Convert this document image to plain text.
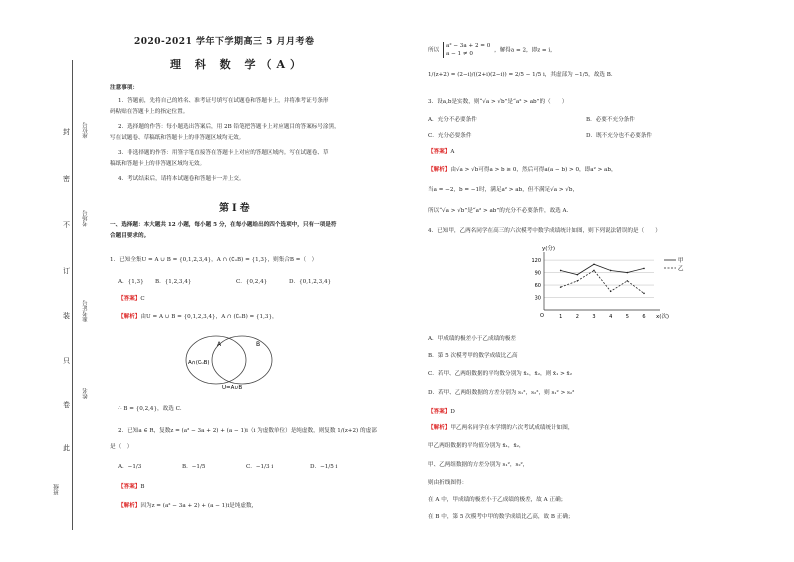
封
密
不
订
装
只
卷
此
座位号
考场号
准考证号
姓名
班级
2020-2021 学年下学期高三 5 月月考卷
理 科 数 学（A）
注意事项：
1．答题前，先将自己的姓名、准考证号填写在试题卷和答题卡上，并将准考证号条形
码粘贴在答题卡上的指定位置。
2．选择题的作答：每小题选出答案后，用 2B 铅笔把答题卡上对应题目的答案标号涂黑，
写在试题卷、草稿纸和答题卡上的非答题区域均无效。
3．非选择题的作答：用签字笔直接答在答题卡上对应的答题区域内。写在试题卷、草
稿纸和答题卡上的非答题区域均无效。
4．考试结束后，请将本试题卷和答题卡一并上交。
第Ⅰ卷
一、选择题：本大题共 12 小题，每小题 5 分，在每小题给出的四个选项中，只有一项是符
合题目要求的。
1．已知全集U = A ∪ B = {0,1,2,3,4}，A ∩ (∁ᵤB) = {1,3}，则集合B =（　）
A．{1,3} B．{1,2,3,4}	C．{0,2,4}	D．{0,1,2,3,4}
【答案】C
【解析】由U = A ∪ B = {0,1,2,3,4}，A ∩ (∁ᵤB) = {1,3}，
A	B
A∩(∁ᵤB)
U=A∪B
∴ B = {0,2,4}，故选 C．
2．已知a ∈ R，复数z = (a² − 3a + 2) + (a − 1)i（i 为虚数单位）是纯虚数，则复数 1/(z+2) 的虚部
是（　）
A．−1/3	B．−1/5	C．−1/3 i	D．−1/5 i
【答案】B
【解析】因为z = (a² − 3a + 2) + (a − 1)i是纯虚数，
所以
a² − 3a + 2 = 0
a − 1 ≠ 0
，解得a = 2，即z = i，
1/(z+2) = (2−i)/((2+i)(2−i)) = 2/5 − 1/5 i，其虚部为 −1/5，故选 B．
3．设a,b是实数，则“√a > √b”是“a² > ab”的（　　）
A．充分不必要条件	B．必要不充分条件
C．充分必要条件	D．既不充分也不必要条件
【答案】A
【解析】由√a > √b可得a > b ≥ 0，然后可得a(a − b) > 0，即a² > ab，
当a = −2，b = −1时，满足a² > ab，但不满足√a > √b，
所以“√a > √b”是“a² > ab”的充分不必要条件，故选 A．
4．已知甲，乙两名同学在高三的六次模考中数学成绩统计如图，则下列说法错误的是（　　）
30
60
90
120
1	2	3	4	5	6
O
甲
乙
y(分)
x(次)
A．甲成绩的极差小于乙成绩的极差
B．第 5 次模考甲的数学成绩比乙高
C．若甲、乙两组数据的平均数分别为 x̄₁，x̄₂，则 x̄₁ > x̄₂
D．若甲、乙两组数据的方差分别为 s₁²，s₂²，则 s₁² > s₂²
【答案】D
【解析】甲乙两名同学在本学期的六次考试成绩统计如图，
甲乙两组数据的平均值分别为 x̄₁，x̄₂，
甲、乙两组数据的方差分别为 s₁²，s₂²，
则由折线图得：
在 A 中，甲成绩的极差小于乙成绩的极差，故 A 正确；
在 B 中，第 5 次模考中甲的数学成绩比乙高，故 B 正确；
